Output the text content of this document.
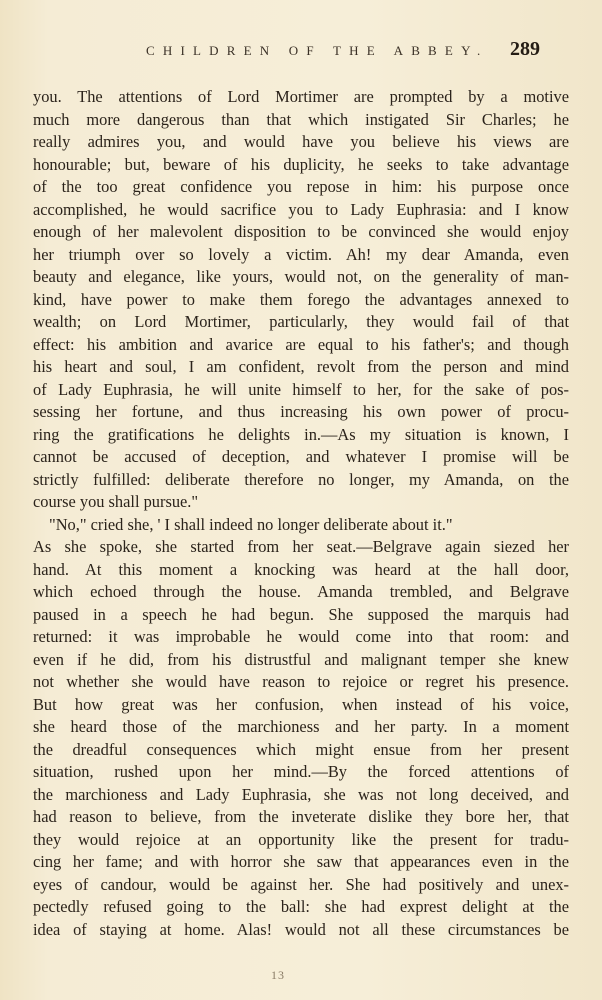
CHILDREN OF THE ABBEY. 289
you. The attentions of Lord Mortimer are prompted by a motive
much more dangerous than that which instigated Sir Charles; he
really admires you, and would have you believe his views are
honourable; but, beware of his duplicity, he seeks to take advantage
of the too great confidence you repose in him: his purpose once
accomplished, he would sacrifice you to Lady Euphrasia: and I know
enough of her malevolent disposition to be convinced she would enjoy
her triumph over so lovely a victim. Ah! my dear Amanda, even
beauty and elegance, like yours, would not, on the generality of man-
kind, have power to make them forego the advantages annexed to
wealth; on Lord Mortimer, particularly, they would fail of that
effect: his ambition and avarice are equal to his father's; and though
his heart and soul, I am confident, revolt from the person and mind
of Lady Euphrasia, he will unite himself to her, for the sake of pos-
sessing her fortune, and thus increasing his own power of procu-
ring the gratifications he delights in.—As my situation is known, I
cannot be accused of deception, and whatever I promise will be
strictly fulfilled: deliberate therefore no longer, my Amanda, on the
course you shall pursue."
"No," cried she, ' I shall indeed no longer deliberate about it."
As she spoke, she started from her seat.—Belgrave again siezed her
hand. At this moment a knocking was heard at the hall door,
which echoed through the house. Amanda trembled, and Belgrave
paused in a speech he had begun. She supposed the marquis had
returned: it was improbable he would come into that room: and
even if he did, from his distrustful and malignant temper she knew
not whether she would have reason to rejoice or regret his presence.
But how great was her confusion, when instead of his voice,
she heard those of the marchioness and her party. In a moment
the dreadful consequences which might ensue from her present
situation, rushed upon her mind.—By the forced attentions of
the marchioness and Lady Euphrasia, she was not long deceived, and
had reason to believe, from the inveterate dislike they bore her, that
they would rejoice at an opportunity like the present for tradu-
cing her fame; and with horror she saw that appearances even in the
eyes of candour, would be against her. She had positively and unex-
pectedly refused going to the ball: she had exprest delight at the
idea of staying at home. Alas! would not all these circumstances be
13
